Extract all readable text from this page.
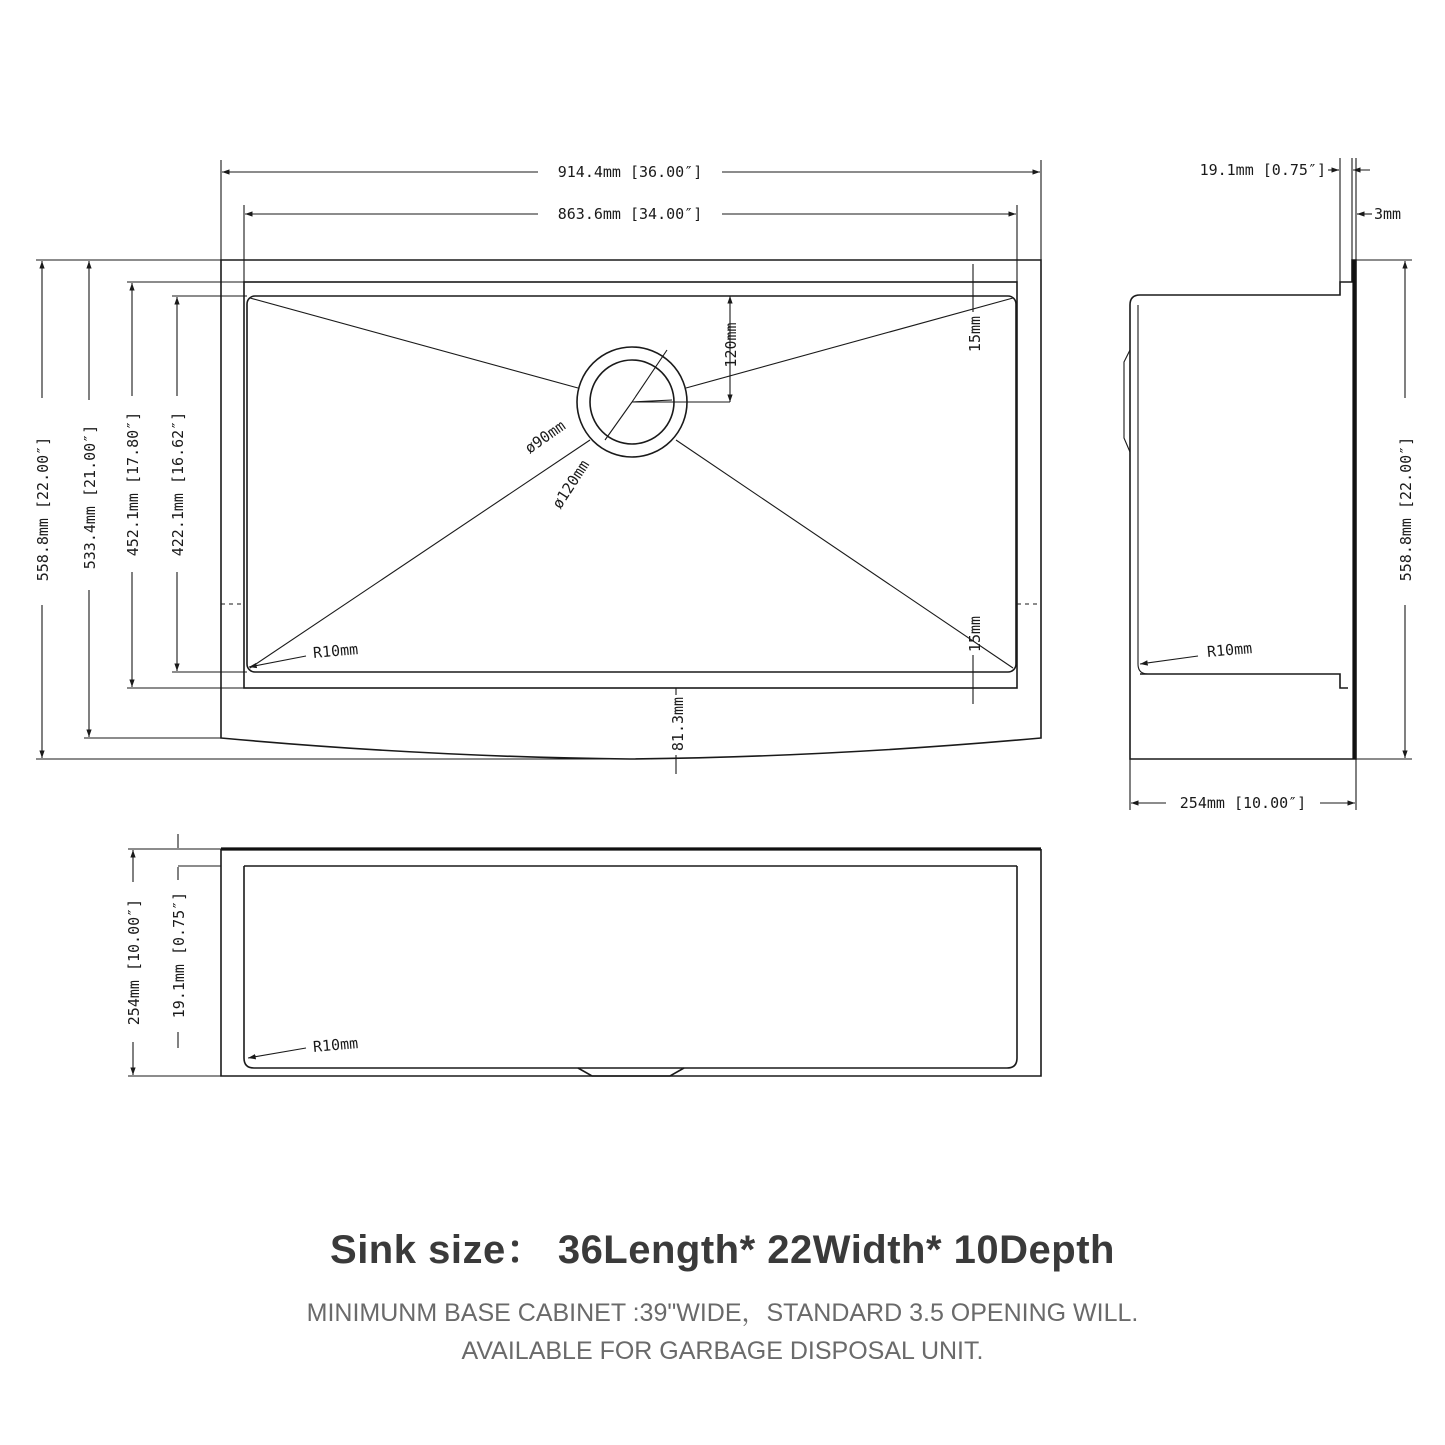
914.4mm [36.00″]
863.6mm [34.00″]
558.8mm [22.00″] 533.4mm [21.00″] 452.1mm [17.80″] 422.1mm [16.62″]
120mm	15mm
15mm
ø90mm
ø120mm
R10mm
81.3mm
19.1mm [0.75″]
3mm
558.8mm [22.00″]
R10mm
254mm [10.00″]
254mm [10.00″] 19.1mm [0.75″]
R10mm
Sink size： 36Length* 22Width* 10Depth
MINIMUNM BASE CABINET :39"WIDE，STANDARD 3.5 OPENING WILL.
AVAILABLE FOR GARBAGE DISPOSAL UNIT.
